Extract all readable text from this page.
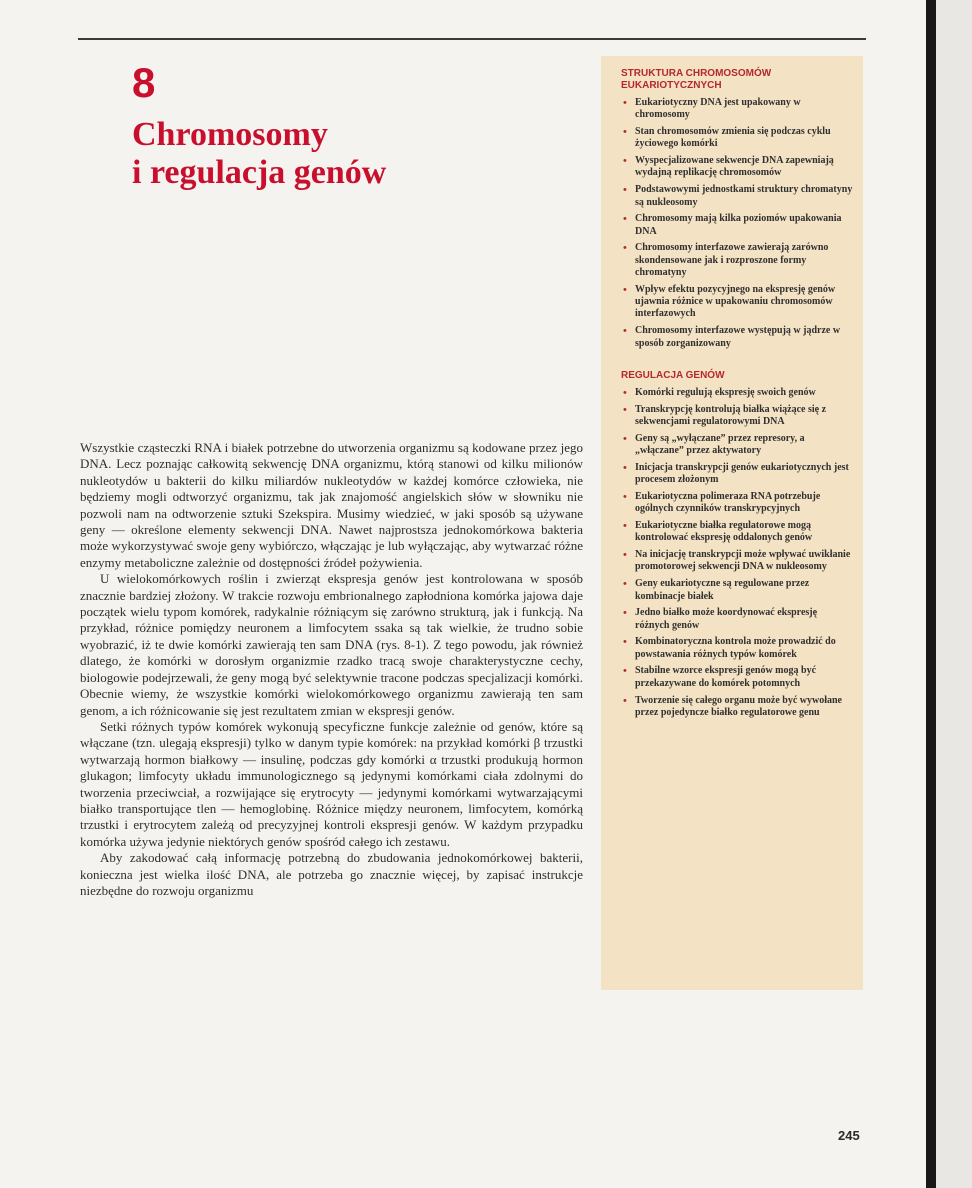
8
Chromosomy
i regulacja genów

Wszystkie cząsteczki RNA i białek potrzebne do utworzenia organizmu są kodowane przez jego DNA. Lecz poznając całkowitą sekwencję DNA organizmu, którą stanowi od kilku milionów nukleotydów u bakterii do kilku miliardów nukleotydów w każdej komórce człowieka, nie będziemy mogli odtworzyć organizmu, tak jak znajomość angielskich słów w słowniku nie pozwoli nam na odtworzenie sztuki Szekspira. Musimy wiedzieć, w jaki sposób są używane geny — określone elementy sekwencji DNA. Nawet najprostsza jednokomórkowa bakteria może wykorzystywać swoje geny wybiórczo, włączając je lub wyłączając, aby wytwarzać różne enzymy metaboliczne zależnie od dostępności źródeł pożywienia.

U wielokomórkowych roślin i zwierząt ekspresja genów jest kontrolowana w sposób znacznie bardziej złożony. W trakcie rozwoju embrionalnego zapłodniona komórka jajowa daje początek wielu typom komórek, radykalnie różniącym się zarówno strukturą, jak i funkcją. Na przykład, różnice pomiędzy neuronem a limfocytem ssaka są tak wielkie, że trudno sobie wyobrazić, iż te dwie komórki zawierają ten sam DNA (rys. 8-1). Z tego powodu, jak również dlatego, że komórki w dorosłym organizmie rzadko tracą swoje charakterystyczne cechy, biologowie podejrzewali, że geny mogą być selektywnie tracone podczas specjalizacji komórki. Obecnie wiemy, że wszystkie komórki wielokomórkowego organizmu zawierają ten sam genom, a ich różnicowanie się jest rezultatem zmian w ekspresji genów.

Setki różnych typów komórek wykonują specyficzne funkcje zależnie od genów, które są włączane (tzn. ulegają ekspresji) tylko w danym typie komórek: na przykład komórki β trzustki wytwarzają hormon białkowy — insulinę, podczas gdy komórki α trzustki produkują hormon glukagon; limfocyty układu immunologicznego są jedynymi komórkami ciała zdolnymi do tworzenia przeciwciał, a rozwijające się erytrocyty — jedynymi komórkami wytwarzającymi białko transportujące tlen — hemoglobinę. Różnice między neuronem, limfocytem, komórką trzustki i erytrocytem zależą od precyzyjnej kontroli ekspresji genów. W każdym przypadku komórka używa jedynie niektórych genów spośród całego ich zestawu.

Aby zakodować całą informację potrzebną do zbudowania jednokomórkowej bakterii, konieczna jest wielka ilość DNA, ale potrzeba go znacznie więcej, by zapisać instrukcje niezbędne do rozwoju organizmu

STRUKTURA CHROMOSOMÓW EUKARIOTYCZNYCH
• Eukariotyczny DNA jest upakowany w chromosomy
• Stan chromosomów zmienia się podczas cyklu życiowego komórki
• Wyspecjalizowane sekwencje DNA zapewniają wydajną replikację chromosomów
• Podstawowymi jednostkami struktury chromatyny są nukleosomy
• Chromosomy mają kilka poziomów upakowania DNA
• Chromosomy interfazowe zawierają zarówno skondensowane jak i rozproszone formy chromatyny
• Wpływ efektu pozycyjnego na ekspresję genów ujawnia różnice w upakowaniu chromosomów interfazowych
• Chromosomy interfazowe występują w jądrze w sposób zorganizowany
REGULACJA GENÓW
• Komórki regulują ekspresję swoich genów
• Transkrypcję kontrolują białka wiążące się z sekwencjami regulatorowymi DNA
• Geny są „wyłączane” przez represory, a „włączane” przez aktywatory
• Inicjacja transkrypcji genów eukariotycznych jest procesem złożonym
• Eukariotyczna polimeraza RNA potrzebuje ogólnych czynników transkrypcyjnych
• Eukariotyczne białka regulatorowe mogą kontrolować ekspresję oddalonych genów
• Na inicjację transkrypcji może wpływać uwikłanie promotorowej sekwencji DNA w nukleosomy
• Geny eukariotyczne są regulowane przez kombinacje białek
• Jedno białko może koordynować ekspresję różnych genów
• Kombinatoryczna kontrola może prowadzić do powstawania różnych typów komórek
• Stabilne wzorce ekspresji genów mogą być przekazywane do komórek potomnych
• Tworzenie się całego organu może być wywołane przez pojedyncze białko regulatorowe genu
245
